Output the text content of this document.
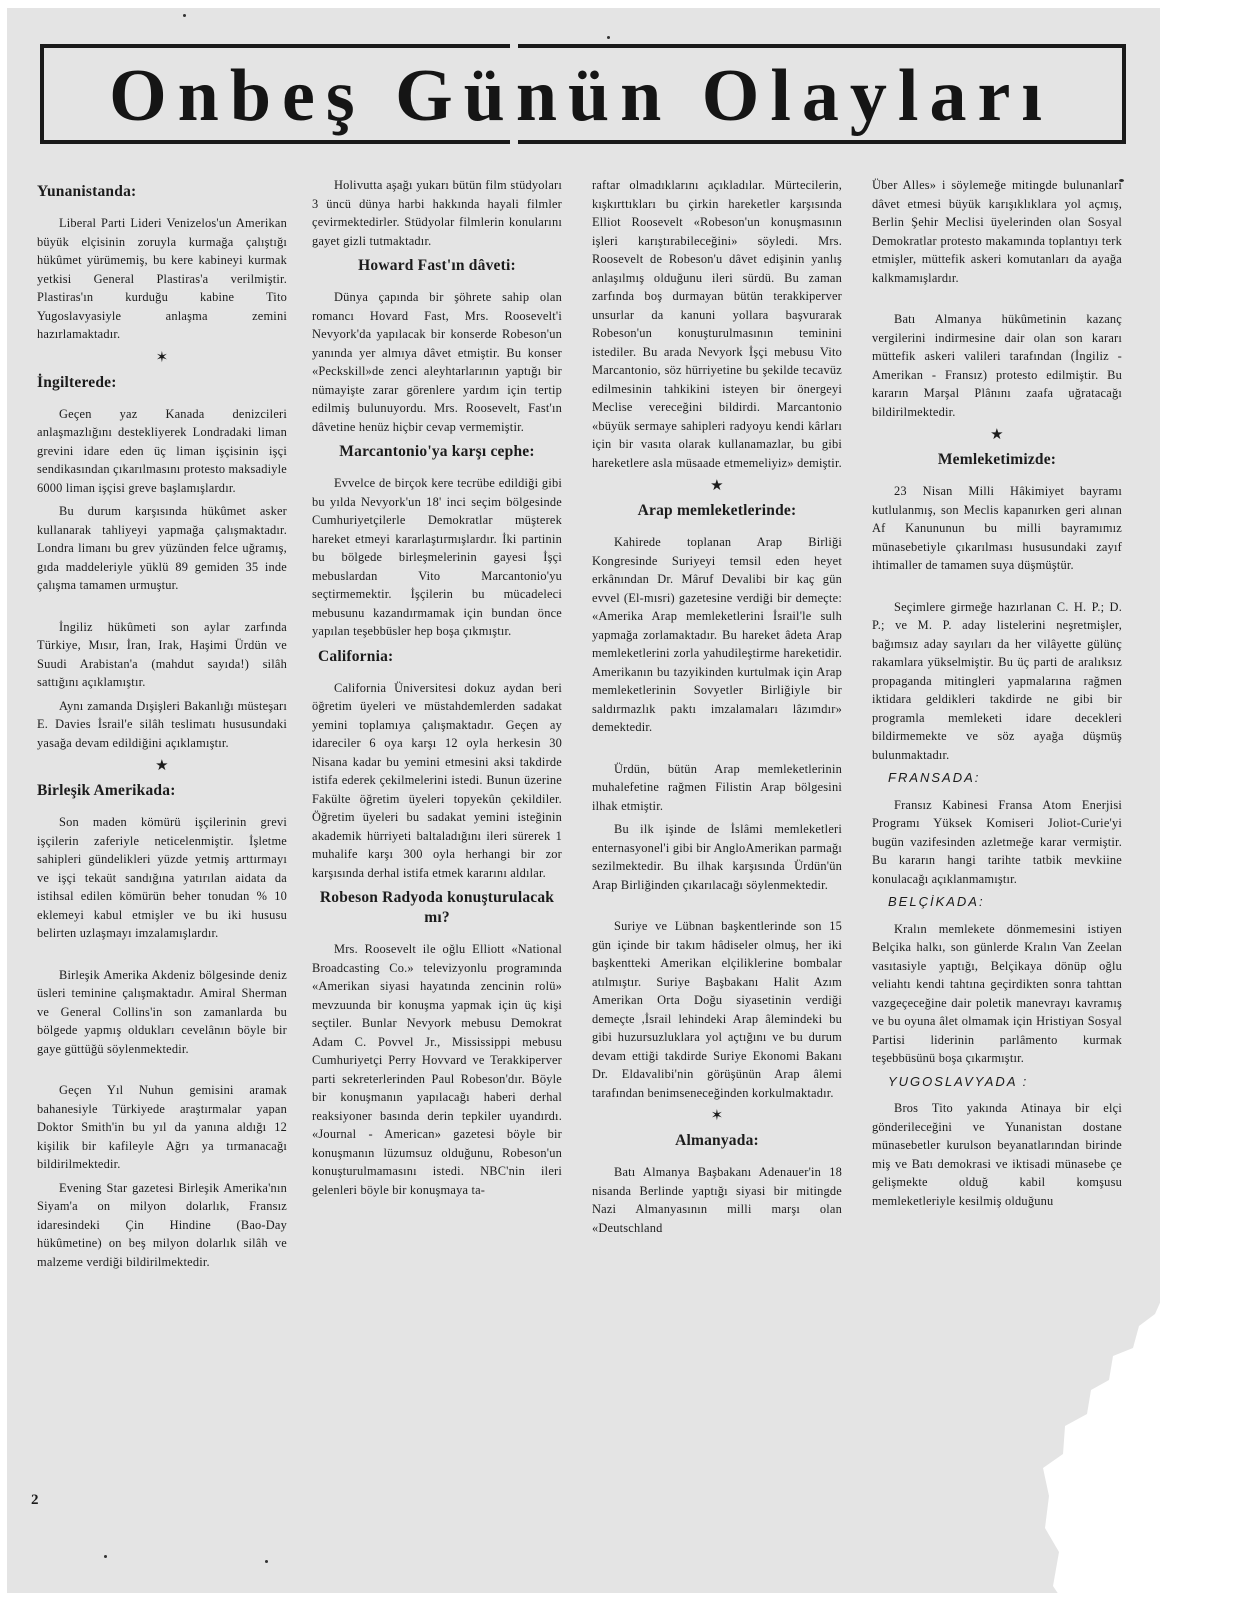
Onbeş Günün Olayları
Yunanistanda:

Liberal Parti Lideri Venizelos'un Amerikan büyük elçisinin zoruyla kurmağa çalıştığı hükûmet yürümemiş, bu kere kabineyi kurmak yetkisi General Plastiras'a verilmiştir. Plastiras'ın kurduğu kabine Tito Yugoslavyasiyle anlaşma zemini hazırlamaktadır.

✶
İngilterede:

Geçen yaz Kanada denizcileri anlaşmazlığını destekliyerek Londradaki liman grevini idare eden üç liman işçisinin işçi sendikasından çıkarılmasını protesto maksadiyle 6000 liman işçisi greve başlamışlardır.

Bu durum karşısında hükûmet asker kullanarak tahliyeyi yapmağa çalışmaktadır. Londra limanı bu grev yüzünden felce uğramış, gıda maddeleriyle yüklü 89 gemiden 35 inde çalışma tamamen urmuştur.

İngiliz hükûmeti son aylar zarfında Türkiye, Mısır, İran, Irak, Haşimi Ürdün ve Suudi Arabistan'a (mahdut sayıda!) silâh sattığını açıklamıştır.

Aynı zamanda Dışişleri Bakanlığı müsteşarı E. Davies İsrail'e silâh teslimatı hususundaki yasağa devam edildiğini açıklamıştır.

★
Birleşik Amerikada:

Son maden kömürü işçilerinin grevi işçilerin zaferiyle neticelenmiştir. İşletme sahipleri gündelikleri yüzde yetmiş arttırmayı ve işçi tekaüt sandığına yatırılan aidata da istihsal edilen kömürün beher tonudan % 10 eklemeyi kabul etmişler ve bu iki hususu belirten uzlaşmayı imzalamışlardır.

Birleşik Amerika Akdeniz bölgesinde deniz üsleri teminine çalışmaktadır. Amiral Sherman ve General Collins'in son zamanlarda bu bölgede yapmış oldukları cevelânın böyle bir gaye güttüğü söylenmektedir.

Geçen Yıl Nuhun gemisini aramak bahanesiyle Türkiyede araştırmalar yapan Doktor Smith'in bu yıl da yanına aldığı 12 kişilik bir kafileyle Ağrı ya tırmanacağı bildirilmektedir.

Evening Star gazetesi Birleşik Amerika'nın Siyam'a on milyon dolarlık, Fransız idaresindeki Çin Hindine (Bao-Day hükûmetine) on beş milyon dolarlık silâh ve malzeme verdiği bildirilmektedir.

Holivutta aşağı yukarı bütün film stüdyoları 3 üncü dünya harbi hakkında hayali filmler çevirmektedirler. Stüdyolar filmlerin konularını gayet gizli tutmaktadır.

Howard Fast'ın dâveti:

Dünya çapında bir şöhrete sahip olan romancı Hovard Fast, Mrs. Roosevelt'i Nevyork'da yapılacak bir konserde Robeson'un yanında yer almıya dâvet etmiştir. Bu konser «Peckskill»de zenci aleyhtarlarının yaptığı bir nümayişte zarar görenlere yardım için tertip edilmiş bulunuyordu. Mrs. Roosevelt, Fast'ın dâvetine henüz hiçbir cevap vermemiştir.

Marcantonio'ya karşı cephe:

Evvelce de birçok kere tecrübe edildiği gibi bu yılda Nevyork'un 18' inci seçim bölgesinde Cumhuriyetçilerle Demokratlar müşterek hareket etmeyi kararlaştırmışlardır. İki partinin bu bölgede birleşmelerinin gayesi İşçi mebuslardan Vito Marcantonio'yu seçtirmemektir. İşçilerin bu mücadeleci mebusunu kazandırmamak için bundan önce yapılan teşebbüsler hep boşa çıkmıştır.

California:

California Üniversitesi dokuz aydan beri öğretim üyeleri ve müstahdemlerden sadakat yemini toplamıya çalışmaktadır. Geçen ay idareciler 6 oya karşı 12 oyla herkesin 30 Nisana kadar bu yemini etmesini aksi takdirde istifa ederek çekilmelerini istedi. Bunun üzerine Fakülte öğretim üyeleri topyekûn çekildiler. Öğretim üyeleri bu sadakat yemini isteğinin akademik hürriyeti baltaladığını ileri sürerek 1 muhalife karşı 300 oyla herhangi bir zor karşısında derhal istifa etmek kararını aldılar.

Robeson Radyoda konuşturulacak mı?

Mrs. Roosevelt ile oğlu Elliott «National Broadcasting Co.» televizyonlu programında «Amerikan siyasi hayatında zencinin rolü» mevzuunda bir konuşma yapmak için üç kişi seçtiler. Bunlar Nevyork mebusu Demokrat Adam C. Povvel Jr., Mississippi mebusu Cumhuriyetçi Perry Hovvard ve Terakkiperver parti sekreterlerinden Paul Robeson'dır. Böyle bir konuşmanın yapılacağı haberi derhal reaksiyoner basında derin tepkiler uyandırdı. «Journal - American» gazetesi böyle bir konuşmanın lüzumsuz olduğunu, Robeson'un konuşturulmamasını istedi. NBC'nin ileri gelenleri böyle bir konuşmaya ta-

raftar olmadıklarını açıkladılar. Mürtecilerin, kışkırttıkları bu çirkin hareketler karşısında Elliot Roosevelt «Robeson'un konuşmasının işleri karıştırabileceğini» söyledi. Mrs. Roosevelt de Robeson'u dâvet edişinin yanlış anlaşılmış olduğunu ileri sürdü. Bu zaman zarfında boş durmayan bütün terakkiperver unsurlar da kanuni yollara başvurarak Robeson'un konuşturulmasının teminini istediler. Bu arada Nevyork İşçi mebusu Vito Marcantonio, söz hürriyetine bu şekilde tecavüz edilmesinin tahkikini isteyen bir önergeyi Meclise vereceğini bildirdi. Marcantonio «büyük sermaye sahipleri radyoyu kendi kârları için bir vasıta olarak kullanamazlar, bu gibi hareketlere asla müsaade etmemeliyiz» demiştir.

★
Arap memleketlerinde:

Kahirede toplanan Arap Birliği Kongresinde Suriyeyi temsil eden heyet erkânından Dr. Mâruf Devalibi bir kaç gün evvel (El-mısri) gazetesine verdiği bir demeçte: «Amerika Arap memleketlerini İsrail'le sulh yapmağa zorlamaktadır. Bu hareket âdeta Arap memleketlerini zorla yahudileştirme hareketidir. Amerikanın bu tazyikinden kurtulmak için Arap memleketlerinin Sovyetler Birliğiyle bir saldırmazlık paktı imzalamaları lâzımdır» demektedir.

Ürdün, bütün Arap memleketlerinin muhalefetine rağmen Filistin Arap bölgesini ilhak etmiştir.

Bu ilk işinde de İslâmi memleketleri enternasyonel'i gibi bir AngloAmerikan parmağı sezilmektedir. Bu ilhak karşısında Ürdün'ün Arap Birliğinden çıkarılacağı söylenmektedir.

Suriye ve Lübnan başkentlerinde son 15 gün içinde bir takım hâdiseler olmuş, her iki başkentteki Amerikan elçiliklerine bombalar atılmıştır. Suriye Başbakanı Halit Azım Amerikan Orta Doğu siyasetinin verdiği demeçte ,İsrail lehindeki Arap âlemindeki bu gibi huzursuzluklara yol açtığını ve bu durum devam ettiği takdirde Suriye Ekonomi Bakanı Dr. Eldavalibi'nin görüşünün Arap âlemi tarafından benimseneceğinden korkulmaktadır.

✶
Almanyada:

Batı Almanya Başbakanı Adenauer'in 18 nisanda Berlinde yaptığı siyasi bir mitingde Nazi Almanyasının milli marşı olan «Deutschland

Über Alles» i söylemeğe mitingde bulunanları dâvet etmesi büyük karışıklıklara yol açmış, Berlin Şehir Meclisi üyelerinden olan Sosyal Demokratlar protesto makamında toplantıyı terk etmişler, müttefik askeri komutanları da ayağa kalkmamışlardır.

Batı Almanya hükûmetinin kazanç vergilerini indirmesine dair olan son kararı müttefik askeri valileri tarafından (İngiliz - Amerikan - Fransız) protesto edilmiştir. Bu kararın Marşal Plânını zaafa uğratacağı bildirilmektedir.

★
Memleketimizde:

23 Nisan Milli Hâkimiyet bayramı kutlulanmış, son Meclis kapanırken geri alınan Af Kanununun bu milli bayramımız münasebetiyle çıkarılması hususundaki zayıf ihtimaller de tamamen suya düşmüştür.

Seçimlere girmeğe hazırlanan C. H. P.; D. P.; ve M. P. aday listelerini neşretmişler, bağımsız aday sayıları da her vilâyette gülünç rakamlara yükselmiştir. Bu üç parti de aralıksız propaganda mitingleri yapmalarına rağmen iktidara geldikleri takdirde ne gibi bir programla memleketi idare decekleri bildirmemekte ve söz ayağa düşmüş bulunmaktadır.

FRANSADA:

Fransız Kabinesi Fransa Atom Enerjisi Programı Yüksek Komiseri Joliot-Curie'yi bugün vazifesinden azletmeğe karar vermiştir. Bu kararın hangi tarihte tatbik mevkiine konulacağı açıklanmamıştır.

BELÇİKADA:

Kralın memlekete dönmemesini istiyen Belçika halkı, son günlerde Kralın Van Zeelan vasıtasiyle yaptığı, Belçikaya dönüp oğlu veliahtı kendi tahtına geçirdikten sonra tahttan vazgeçeceğine dair poletik manevrayı kavramış ve bu oyuna âlet olmamak için Hristiyan Sosyal Partisi liderinin parlâmento kurmak teşebbüsünü boşa çıkarmıştır.

YUGOSLAVYADA :

Bros Tito yakında Atinaya bir elçi gönderileceğini ve Yunanistan dostane münasebetler kurulson beyanatlarından birinde miş ve Batı demokrasi ve iktisadi münasebe çe gelişmekte olduğ kabil komşusu memleketleriyle kesilmiş olduğunu

2
